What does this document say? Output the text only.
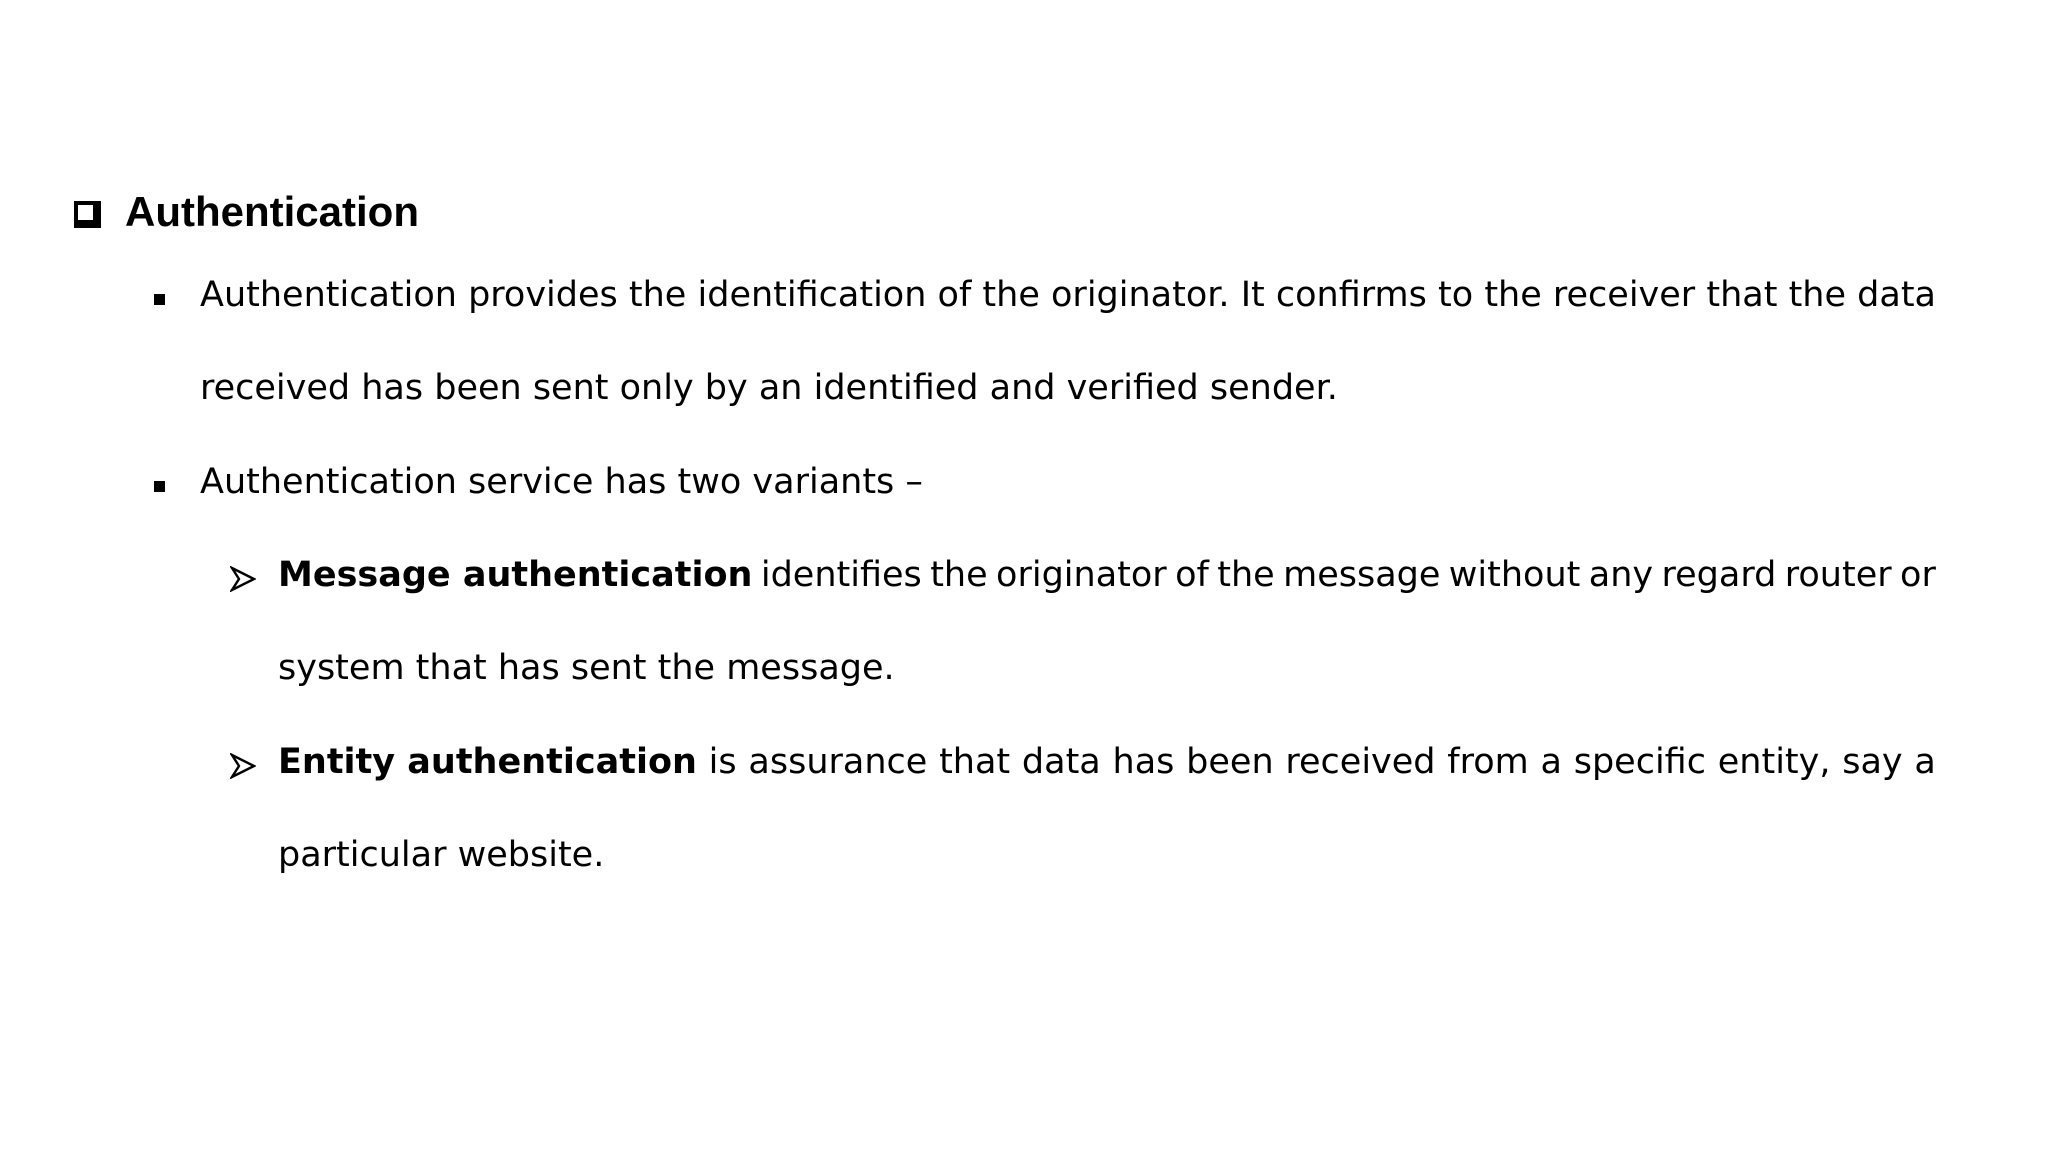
Authentication
Authentication provides the identification of the originator. It confirms to the receiver that the data
received has been sent only by an identified and verified sender.
Authentication service has two variants –
Message authentication identifies the originator of the message without any regard router or
system that has sent the message.
Entity authentication is assurance that data has been received from a specific entity, say a
particular website.
